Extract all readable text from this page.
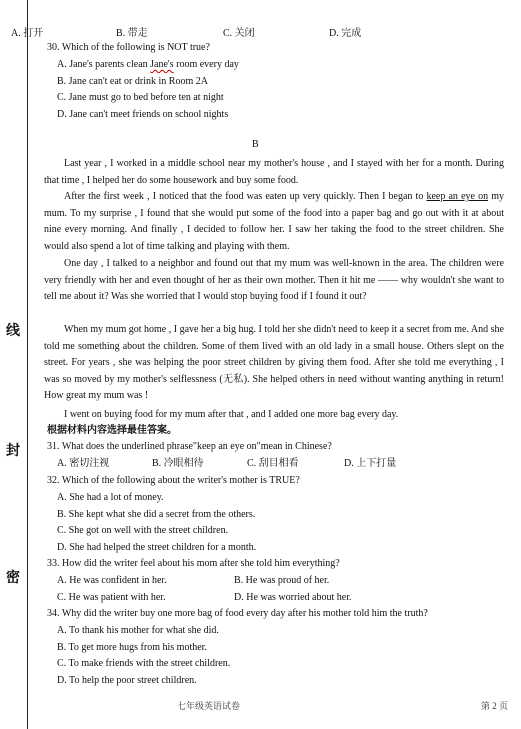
线
封
密
A. 打开	B. 带走	C. 关闭	D. 完成
30. Which of the following is NOT true?
A. Jane's parents clean Jane's room every day
B. Jane can't eat or drink in Room 2A
C. Jane must go to bed before ten at night
D. Jane can't meet friends on school nights
B
Last year , I worked in a middle school near my mother's house , and I stayed with her for a month. During that time , I helped her do some housework and buy some food.
After the first week , I noticed that the food was eaten up very quickly. Then I began to keep an eye on my mum. To my surprise , I found that she would put some of the food into a paper bag and go out with it at about nine every morning. And finally , I decided to follow her. I saw her taking the food to the street children. She would also spend a lot of time talking and playing with them.
One day , I talked to a neighbor and found out that my mum was well-known in the area. The children were very friendly with her and even thought of her as their own mother. Then it hit me —— why wouldn't she want to tell me about it? Was she worried that I would stop buying food if I found it out?
When my mum got home , I gave her a big hug. I told her she didn't need to keep it a secret from me. And she told me something about the children. Some of them lived with an old lady in a small house. Others slept on the street. For years , she was helping the poor street children by giving them food. After she told me everything , I was so moved by my mother's selflessness (无私). She helped others in need without wanting anything in return! How great my mum was !
I went on buying food for my mum after that , and I added one more bag every day.
根据材料内容选择最佳答案。
31. What does the underlined phrase"keep an eye on"mean in Chinese?
A. 密切注视	B. 冷眼相待	C. 刮目相看	D. 上下打量
32. Which of the following about the writer's mother is TRUE?
A. She had a lot of money.
B. She kept what she did a secret from the others.
C. She got on well with the street children.
D. She had helped the street children for a month.
33. How did the writer feel about his mom after she told him everything?
A. He was confident in her.	B. He was proud of her.
C. He was patient with her.	D. He was worried about her.
34. Why did the writer buy one more bag of food every day after his mother told him the truth?
A. To thank his mother for what she did.
B. To get more hugs from his mother.
C. To make friends with the street children.
D. To help the poor street children.
七年级英语试卷	第 2 页
